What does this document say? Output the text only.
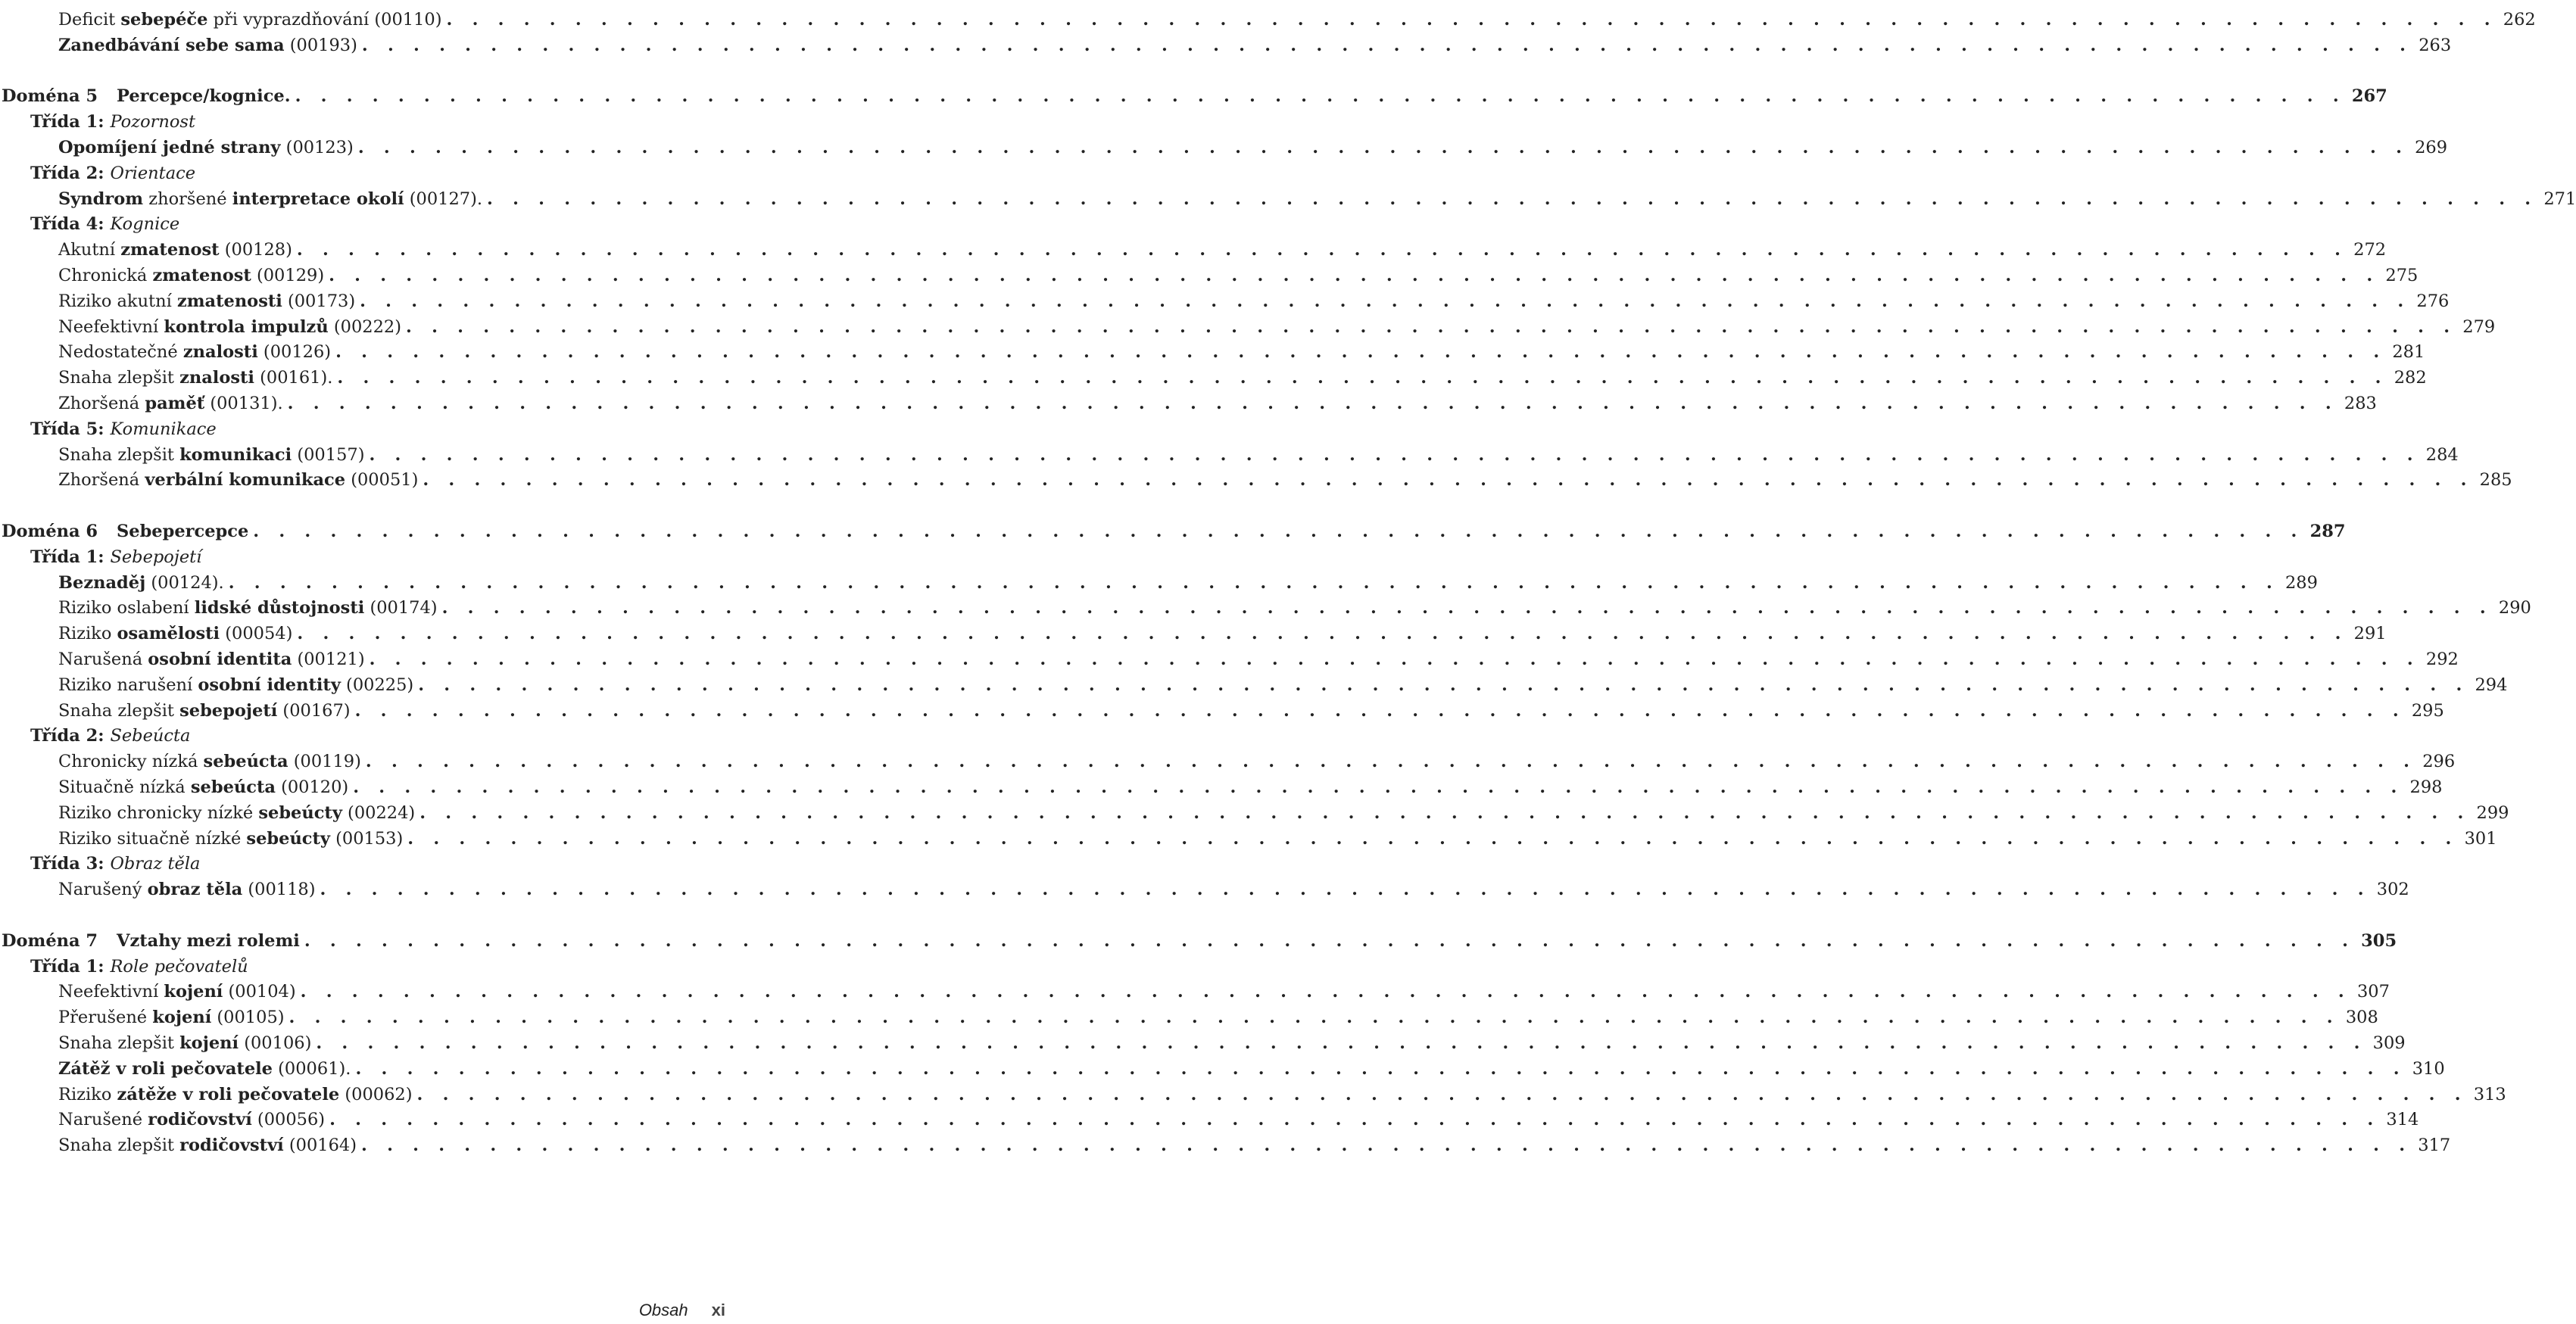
Deficit sebepéče při vyprazdňování (00110) . . . . . . . . . . . . . . . . . . . . . . . . . . . . . . . . . . . . . . . . . . . . . . . . . . . . . . . . . . . . . . . . . . . . . . . . . . . . . . . . 262
Zanedbávání sebe sama (00193) . . . . . . . . . . . . . . . . . . . . . . . . . . . . . . . . . . . . . . . . . . . . . . . . . . . . . . . . . . . . . . . . . . . . . . . . . . . . . . . . 263
Doména 5 Percepce/kognice. . . . . . . . . . . . . . . . . . . . . . . . . . . . . . . . . . . . . . . . . . . . . . . . . . . . . . . . . . . . . . . . . . . . . . . . . . . . . . . . . 267
Třída 1: Pozornost
Opomíjení jedné strany (00123) . . . . . . . . . . . . . . . . . . . . . . . . . . . . . . . . . . . . . . . . . . . . . . . . . . . . . . . . . . . . . . . . . . . . . . . . . . . . . . . . 269
Třída 2: Orientace
Syndrom zhoršené interpretace okolí (00127). . . . . . . . . . . . . . . . . . . . . . . . . . . . . . . . . . . . . . . . . . . . . . . . . . . . . . . . . . . . . . . . . . . . . . . . . . . . . . . . . 271
Třída 4: Kognice
Akutní zmatenost (00128) . . . . . . . . . . . . . . . . . . . . . . . . . . . . . . . . . . . . . . . . . . . . . . . . . . . . . . . . . . . . . . . . . . . . . . . . . . . . . . . . 272
Chronická zmatenost (00129) . . . . . . . . . . . . . . . . . . . . . . . . . . . . . . . . . . . . . . . . . . . . . . . . . . . . . . . . . . . . . . . . . . . . . . . . . . . . . . . . 275
Riziko akutní zmatenosti (00173) . . . . . . . . . . . . . . . . . . . . . . . . . . . . . . . . . . . . . . . . . . . . . . . . . . . . . . . . . . . . . . . . . . . . . . . . . . . . . . . . 276
Neefektivní kontrola impulzů (00222) . . . . . . . . . . . . . . . . . . . . . . . . . . . . . . . . . . . . . . . . . . . . . . . . . . . . . . . . . . . . . . . . . . . . . . . . . . . . . . . . 279
Nedostatečné znalosti (00126) . . . . . . . . . . . . . . . . . . . . . . . . . . . . . . . . . . . . . . . . . . . . . . . . . . . . . . . . . . . . . . . . . . . . . . . . . . . . . . . . 281
Snaha zlepšit znalosti (00161). . . . . . . . . . . . . . . . . . . . . . . . . . . . . . . . . . . . . . . . . . . . . . . . . . . . . . . . . . . . . . . . . . . . . . . . . . . . . . . . . 282
Zhoršená paměť (00131). . . . . . . . . . . . . . . . . . . . . . . . . . . . . . . . . . . . . . . . . . . . . . . . . . . . . . . . . . . . . . . . . . . . . . . . . . . . . . . . . 283
Třída 5: Komunikace
Snaha zlepšit komunikaci (00157) . . . . . . . . . . . . . . . . . . . . . . . . . . . . . . . . . . . . . . . . . . . . . . . . . . . . . . . . . . . . . . . . . . . . . . . . . . . . . . . . 284
Zhoršená verbální komunikace (00051) . . . . . . . . . . . . . . . . . . . . . . . . . . . . . . . . . . . . . . . . . . . . . . . . . . . . . . . . . . . . . . . . . . . . . . . . . . . . . . . . 285
Doména 6 Sebepercepce . . . . . . . . . . . . . . . . . . . . . . . . . . . . . . . . . . . . . . . . . . . . . . . . . . . . . . . . . . . . . . . . . . . . . . . . . . . . . . . . 287
Třída 1: Sebepojetí
Beznaděj (00124). . . . . . . . . . . . . . . . . . . . . . . . . . . . . . . . . . . . . . . . . . . . . . . . . . . . . . . . . . . . . . . . . . . . . . . . . . . . . . . . . 289
Riziko oslabení lidské důstojnosti (00174) . . . . . . . . . . . . . . . . . . . . . . . . . . . . . . . . . . . . . . . . . . . . . . . . . . . . . . . . . . . . . . . . . . . . . . . . . . . . . . . . 290
Riziko osamělosti (00054) . . . . . . . . . . . . . . . . . . . . . . . . . . . . . . . . . . . . . . . . . . . . . . . . . . . . . . . . . . . . . . . . . . . . . . . . . . . . . . . . 291
Narušená osobní identita (00121) . . . . . . . . . . . . . . . . . . . . . . . . . . . . . . . . . . . . . . . . . . . . . . . . . . . . . . . . . . . . . . . . . . . . . . . . . . . . . . . . 292
Riziko narušení osobní identity (00225) . . . . . . . . . . . . . . . . . . . . . . . . . . . . . . . . . . . . . . . . . . . . . . . . . . . . . . . . . . . . . . . . . . . . . . . . . . . . . . . . 294
Snaha zlepšit sebepojetí (00167) . . . . . . . . . . . . . . . . . . . . . . . . . . . . . . . . . . . . . . . . . . . . . . . . . . . . . . . . . . . . . . . . . . . . . . . . . . . . . . . . 295
Třída 2: Sebeúcta
Chronicky nízká sebeúcta (00119) . . . . . . . . . . . . . . . . . . . . . . . . . . . . . . . . . . . . . . . . . . . . . . . . . . . . . . . . . . . . . . . . . . . . . . . . . . . . . . . . 296
Situačně nízká sebeúcta (00120) . . . . . . . . . . . . . . . . . . . . . . . . . . . . . . . . . . . . . . . . . . . . . . . . . . . . . . . . . . . . . . . . . . . . . . . . . . . . . . . . 298
Riziko chronicky nízké sebeúcty (00224) . . . . . . . . . . . . . . . . . . . . . . . . . . . . . . . . . . . . . . . . . . . . . . . . . . . . . . . . . . . . . . . . . . . . . . . . . . . . . . . . 299
Riziko situačně nízké sebeúcty (00153) . . . . . . . . . . . . . . . . . . . . . . . . . . . . . . . . . . . . . . . . . . . . . . . . . . . . . . . . . . . . . . . . . . . . . . . . . . . . . . . . 301
Třída 3: Obraz těla
Narušený obraz těla (00118) . . . . . . . . . . . . . . . . . . . . . . . . . . . . . . . . . . . . . . . . . . . . . . . . . . . . . . . . . . . . . . . . . . . . . . . . . . . . . . . . 302
Doména 7 Vztahy mezi rolemi . . . . . . . . . . . . . . . . . . . . . . . . . . . . . . . . . . . . . . . . . . . . . . . . . . . . . . . . . . . . . . . . . . . . . . . . . . . . . . . . 305
Třída 1: Role pečovatelů
Neefektivní kojení (00104) . . . . . . . . . . . . . . . . . . . . . . . . . . . . . . . . . . . . . . . . . . . . . . . . . . . . . . . . . . . . . . . . . . . . . . . . . . . . . . . . 307
Přerušené kojení (00105) . . . . . . . . . . . . . . . . . . . . . . . . . . . . . . . . . . . . . . . . . . . . . . . . . . . . . . . . . . . . . . . . . . . . . . . . . . . . . . . . 308
Snaha zlepšit kojení (00106) . . . . . . . . . . . . . . . . . . . . . . . . . . . . . . . . . . . . . . . . . . . . . . . . . . . . . . . . . . . . . . . . . . . . . . . . . . . . . . . . 309
Zátěž v roli pečovatele (00061). . . . . . . . . . . . . . . . . . . . . . . . . . . . . . . . . . . . . . . . . . . . . . . . . . . . . . . . . . . . . . . . . . . . . . . . . . . . . . . . . 310
Riziko zátěže v roli pečovatele (00062) . . . . . . . . . . . . . . . . . . . . . . . . . . . . . . . . . . . . . . . . . . . . . . . . . . . . . . . . . . . . . . . . . . . . . . . . . . . . . . . . 313
Narušené rodičovství (00056) . . . . . . . . . . . . . . . . . . . . . . . . . . . . . . . . . . . . . . . . . . . . . . . . . . . . . . . . . . . . . . . . . . . . . . . . . . . . . . . . 314
Snaha zlepšit rodičovství (00164) . . . . . . . . . . . . . . . . . . . . . . . . . . . . . . . . . . . . . . . . . . . . . . . . . . . . . . . . . . . . . . . . . . . . . . . . . . . . . . . . 317
Obsah xi
